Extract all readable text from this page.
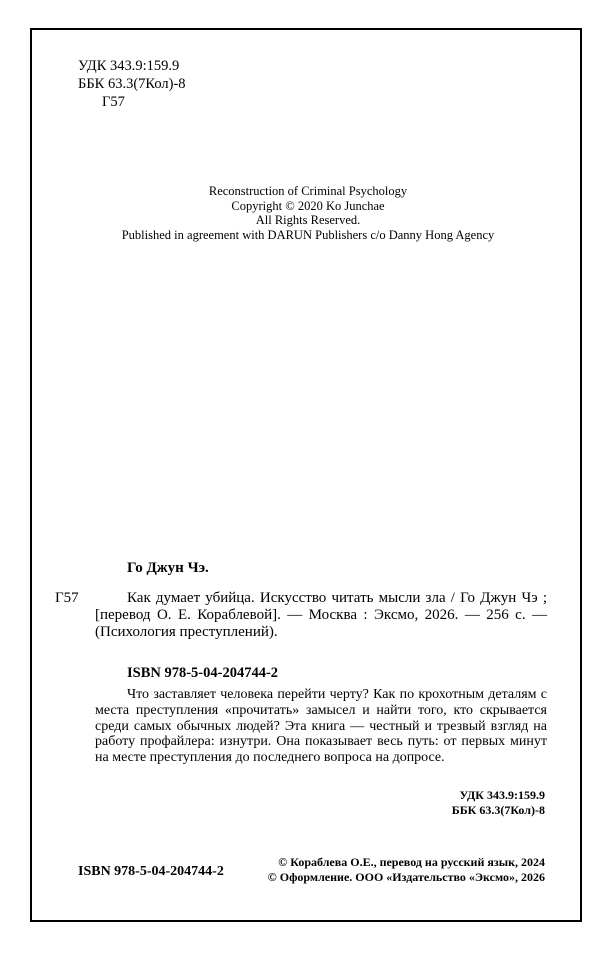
УДК 343.9:159.9
ББК 63.3(7Кол)-8
Г57
Reconstruction of Criminal Psychology
Copyright © 2020 Ko Junchae
All Rights Reserved.
Published in agreement with DARUN Publishers c/o Danny Hong Agency
Го Джун Чэ.
Г57	Как думает убийца. Искусство читать мысли зла / Го Джун Чэ ; [перевод О. Е. Кораблевой]. — Москва : Эксмо, 2026. — 256 с. — (Психология преступлений).
ISBN 978-5-04-204744-2
Что заставляет человека перейти черту? Как по крохотным деталям с места преступления «прочитать» замысел и найти того, кто скрывается среди самых обычных людей? Эта книга — честный и трезвый взгляд на работу профайлера: изнутри. Она показывает весь путь: от первых минут на месте преступления до последнего вопроса на допросе.
УДК 343.9:159.9
ББК 63.3(7Кол)-8
ISBN 978-5-04-204744-2
© Кораблева О.Е., перевод на русский язык, 2024
© Оформление. ООО «Издательство «Эксмо», 2026
